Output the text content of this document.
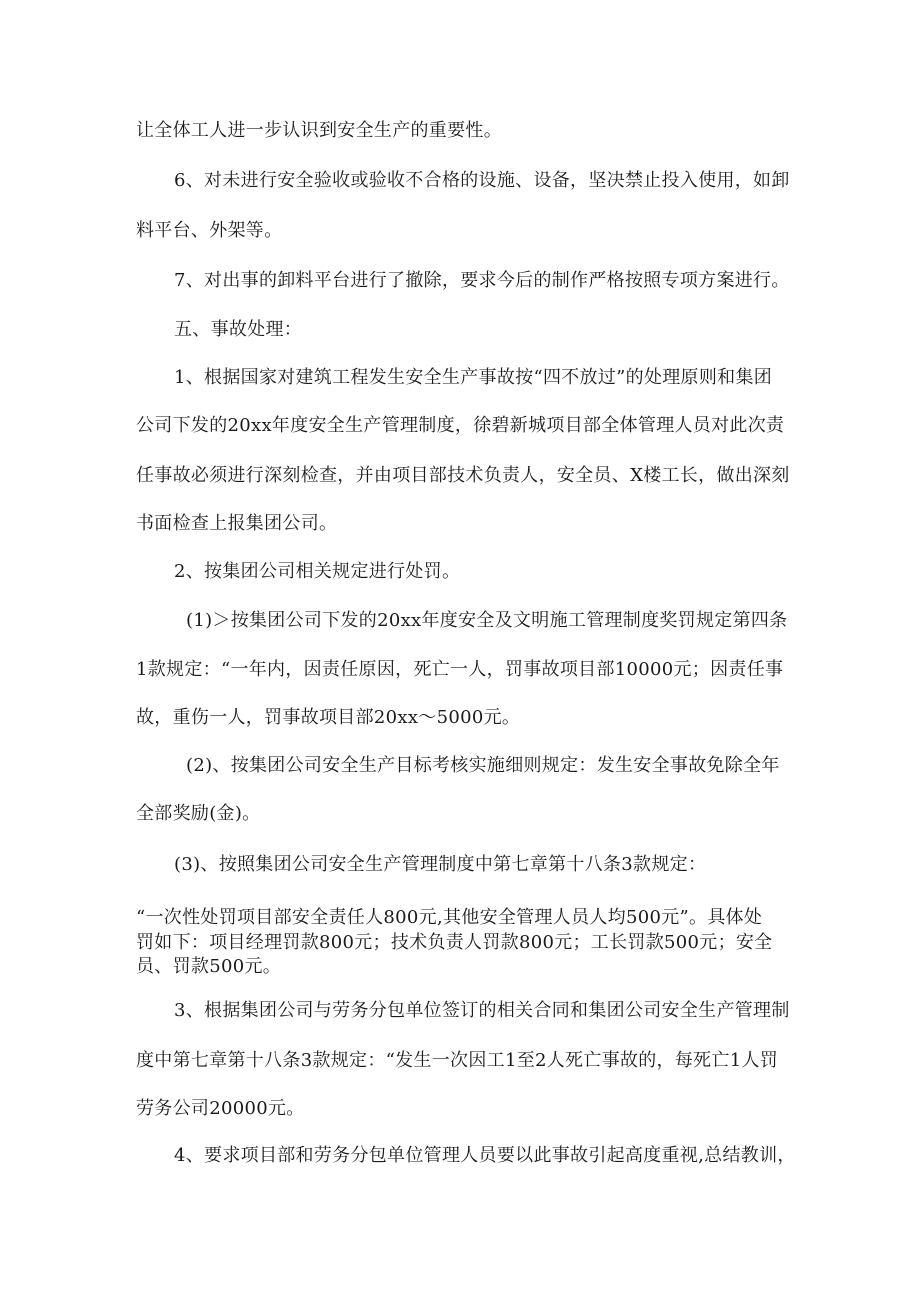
让全体工人进一步认识到安全生产的重要性。
6、对未进行安全验收或验收不合格的设施、设备，坚决禁止投入使用，如卸
料平台、外架等。
7、对出事的卸料平台进行了撤除，要求今后的制作严格按照专项方案进行。
五、事故处理：
1、根据国家对建筑工程发生安全生产事故按“四不放过”的处理原则和集团
公司下发的20xx年度安全生产管理制度，徐碧新城项目部全体管理人员对此次责
任事故必须进行深刻检查，并由项目部技术负责人，安全员、X楼工长，做出深刻
书面检查上报集团公司。
2、按集团公司相关规定进行处罚。
(1)＞按集团公司下发的20xx年度安全及文明施工管理制度奖罚规定第四条
1款规定：“一年内，因责任原因，死亡一人，罚事故项目部10000元；因责任事
故，重伤一人，罚事故项目部20xx～5000元。
(2)、按集团公司安全生产目标考核实施细则规定：发生安全事故免除全年
全部奖励(金)。
(3)、按照集团公司安全生产管理制度中第七章第十八条3款规定：
“一次性处罚项目部安全责任人800元,其他安全管理人员人均500元”。具体处
罚如下：项目经理罚款800元；技术负责人罚款800元；工长罚款500元；安全
员、罚款500元。
3、根据集团公司与劳务分包单位签订的相关合同和集团公司安全生产管理制
度中第七章第十八条3款规定：“发生一次因工1至2人死亡事故的，每死亡1人罚
劳务公司20000元。
4、要求项目部和劳务分包单位管理人员要以此事故引起高度重视,总结教训，
